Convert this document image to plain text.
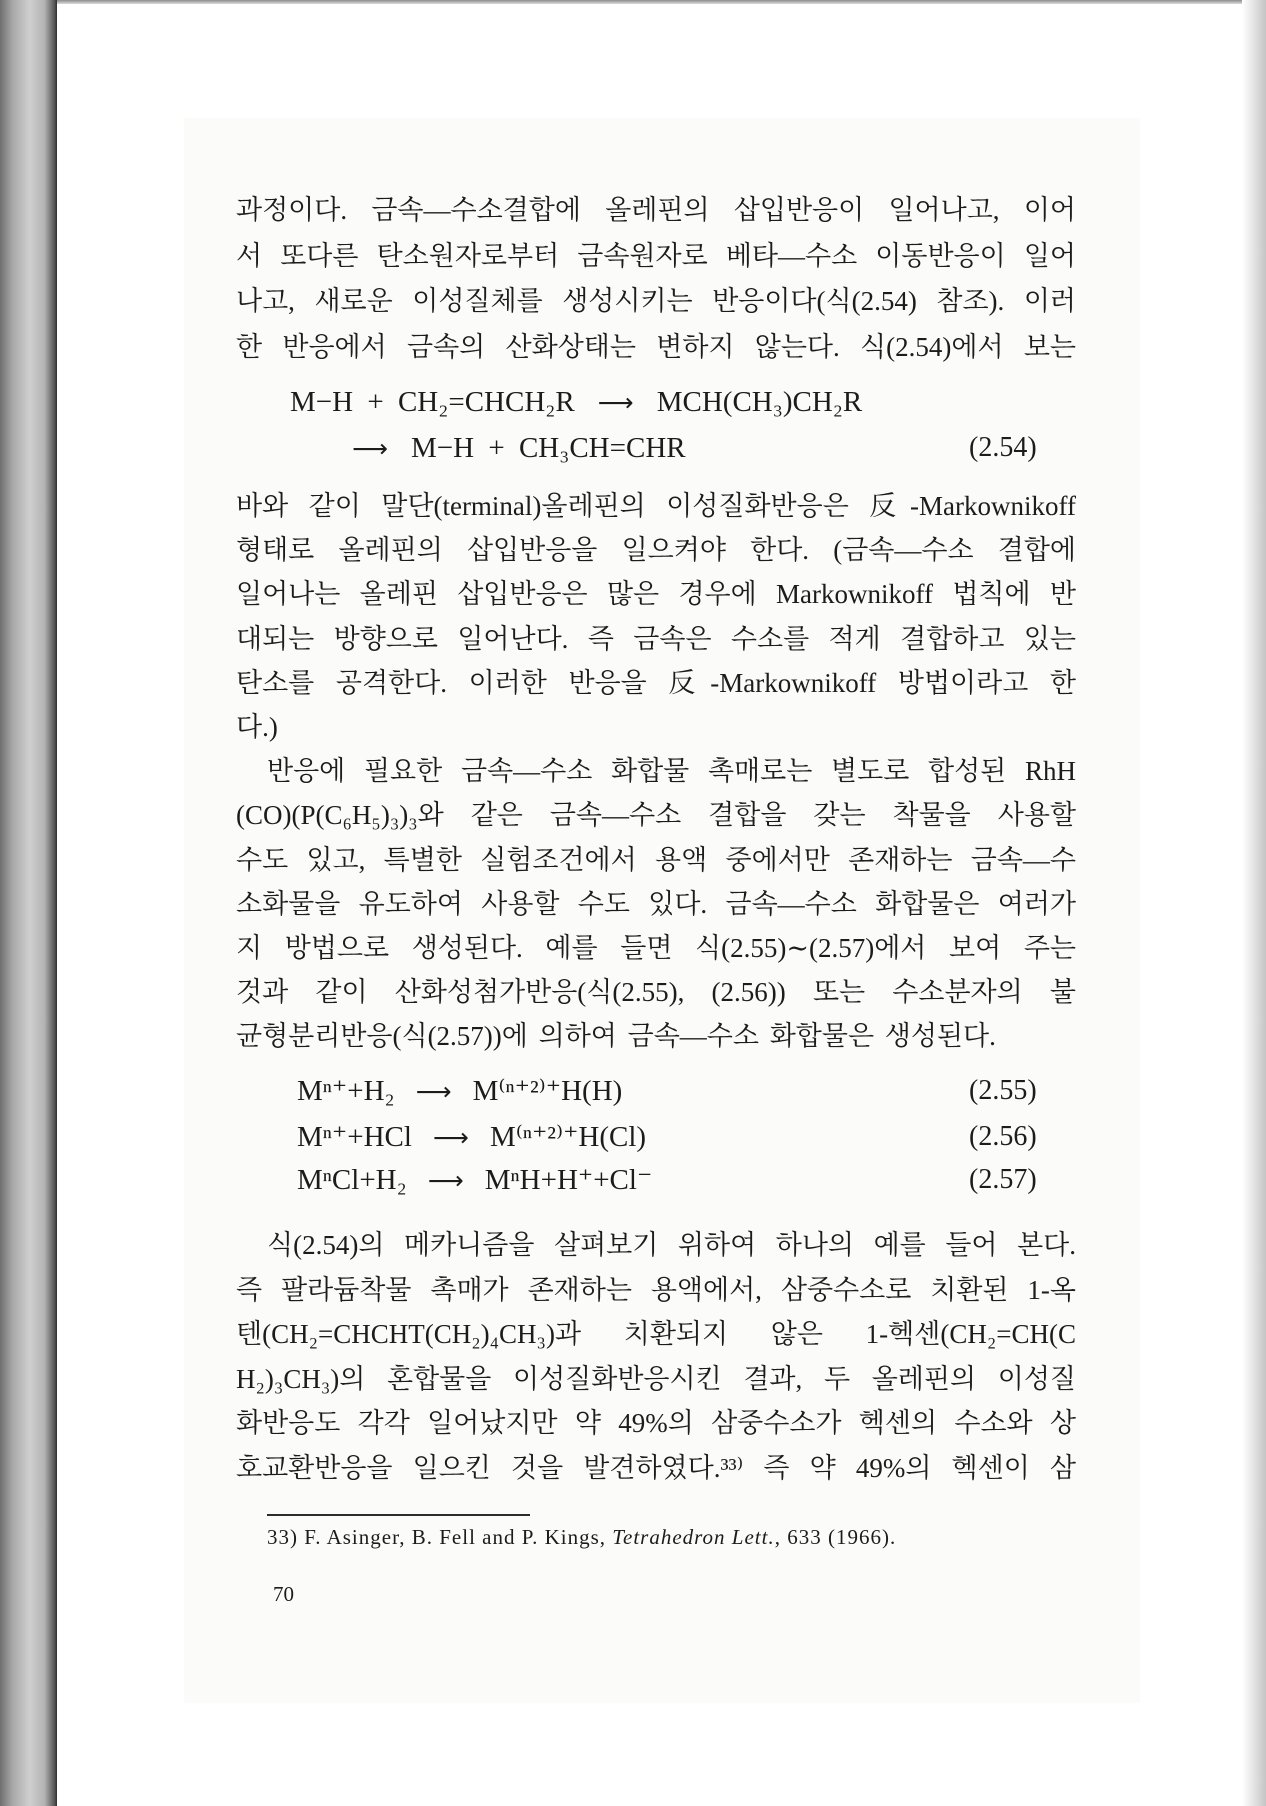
과정이다. 금속—수소결합에 올레핀의 삽입반응이 일어나고, 이어
서 또다른 탄소원자로부터 금속원자로 베타—수소 이동반응이 일어
나고, 새로운 이성질체를 생성시키는 반응이다(식(2.54) 참조). 이러
한 반응에서 금속의 산화상태는 변하지 않는다. 식(2.54)에서 보는
M−H + CH₂=CHCH₂R ⟶ MCH(CH₃)CH₂R
⟶ M−H + CH₃CH=CHR	(2.54)
바와 같이 말단(terminal)올레핀의 이성질화반응은 反-Markownikoff
형태로 올레핀의 삽입반응을 일으켜야 한다. (금속—수소 결합에
일어나는 올레핀 삽입반응은 많은 경우에 Markownikoff 법칙에 반
대되는 방향으로 일어난다. 즉 금속은 수소를 적게 결합하고 있는
탄소를 공격한다. 이러한 반응을 反-Markownikoff 방법이라고 한
다.)
반응에 필요한 금속—수소 화합물 촉매로는 별도로 합성된 RhH
(CO)(P(C₆H₅)₃)₃와 같은 금속—수소 결합을 갖는 착물을 사용할
수도 있고, 특별한 실험조건에서 용액 중에서만 존재하는 금속—수
소화물을 유도하여 사용할 수도 있다. 금속—수소 화합물은 여러가
지 방법으로 생성된다. 예를 들면 식(2.55)∼(2.57)에서 보여 주는
것과 같이 산화성첨가반응(식(2.55), (2.56)) 또는 수소분자의 불
균형분리반응(식(2.57))에 의하여 금속—수소 화합물은 생성된다.
Mⁿ⁺+H₂ ⟶ M⁽ⁿ⁺²⁾⁺H(H)	(2.55)
Mⁿ⁺+HCl ⟶ M⁽ⁿ⁺²⁾⁺H(Cl)	(2.56)
MⁿCl+H₂ ⟶ MⁿH+H⁺+Cl⁻	(2.57)
식(2.54)의 메카니즘을 살펴보기 위하여 하나의 예를 들어 본다.
즉 팔라듐착물 촉매가 존재하는 용액에서, 삼중수소로 치환된 1-옥
텐(CH₂=CHCHT(CH₂)₄CH₃)과 치환되지 않은 1-헥센(CH₂=CH(C
H₂)₃CH₃)의 혼합물을 이성질화반응시킨 결과, 두 올레핀의 이성질
화반응도 각각 일어났지만 약 49%의 삼중수소가 헥센의 수소와 상
호교환반응을 일으킨 것을 발견하였다.³³⁾ 즉 약 49%의 헥센이 삼
33) F. Asinger, B. Fell and P. Kings, Tetrahedron Lett., 633 (1966).
70
